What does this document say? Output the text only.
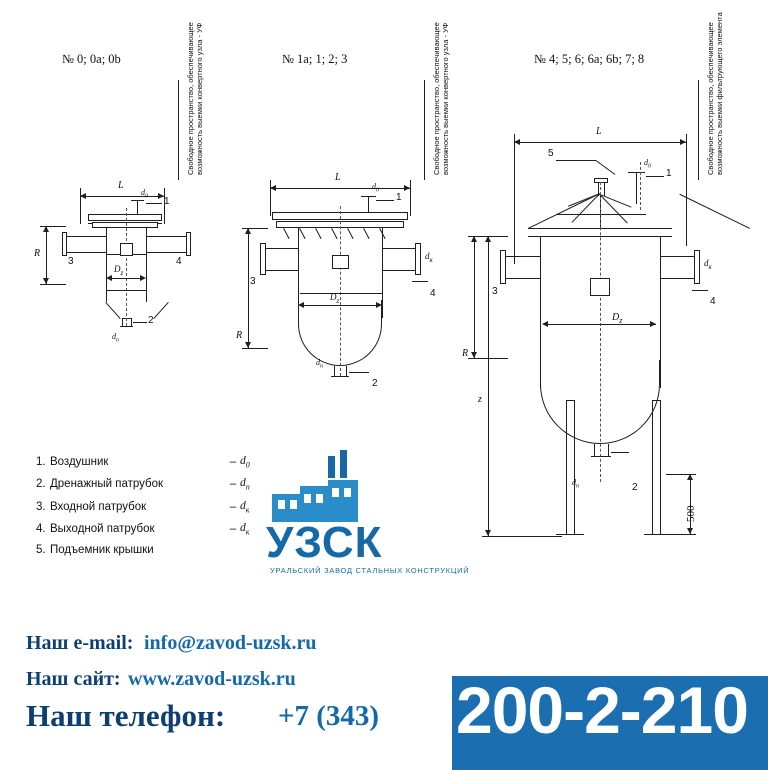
№ 0; 0a; 0b	№ 1a; 1; 2; 3	№ 4; 5; 6; 6a; 6b; 7; 8
Свободное пространство, обеспечивающее возможность выемки конвертного узла - УФ	Свободное пространство, обеспечивающее возможность выемки конвертного узла - УФ	Свободное пространство, обеспечивающее возможность выемки фильтрующего элемента
L
$d_0$ 1
3	4
2
$d_п$
R
$D_z$
L
$d_0$
1
3
$d_к$
4
2
$d_п$
R
$D_z$
L
5
$d_0$
1
3
$d_к$
4
2
$d_п$
500
R
z
$D_z$
1. Воздушник	– $d_0$
2. Дренажный патрубок	– $d_п$
3. Входной патрубок	– $d_к$
4. Выходной патрубок	– $d_к$
5. Подъемник крышки	УЗСК
УРАЛЬСКИЙ ЗАВОД СТАЛЬНЫХ КОНСТРУКЦИЙ
Наш e-mail: info@zavod-uzsk.ru
Наш сайт: www.zavod-uzsk.ru
Наш телефон: +7 (343) 200-2-210
